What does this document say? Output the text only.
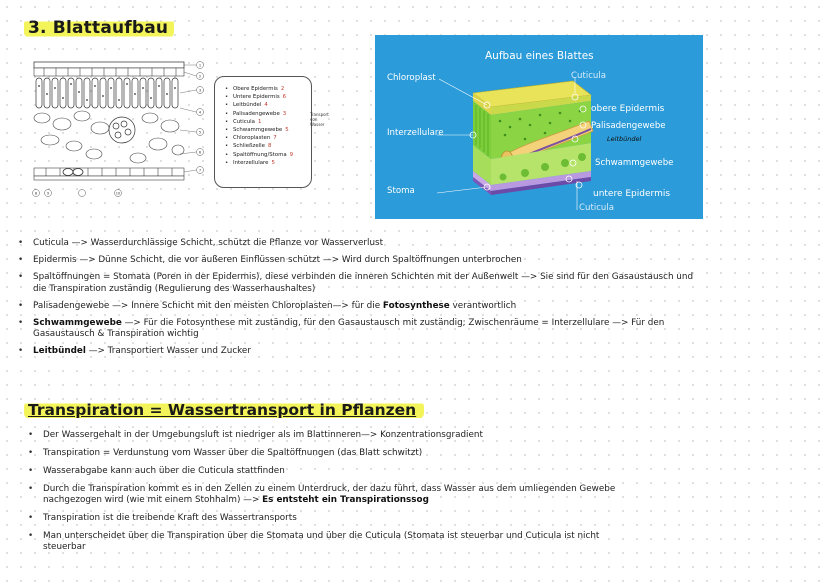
3. Blattaufbau
1
2
3
4
5
6
7
8	9	10
• Obere Epidermis 2
• Untere Epidermis 6
• Leitbündel 4
• Palisadengewebe 3
• Cuticula 1
• Schwammgewebe 5
• Chloroplasten 7
• Schließzelle 8
• Spaltöffnung/Stoma 9
• Interzellulare 5
Transport von Wasser
Aufbau eines Blattes
Chloroplast	Cuticula
obere Epidermis
Palisadengewebe
Leitbündel
Interzellulare
Schwammgewebe
Stoma	untere Epidermis
Cuticula
• Cuticula —> Wasserdurchlässige Schicht, schützt die Pflanze vor Wasserverlust
• Epidermis —> Dünne Schicht, die vor äußeren Einflüssen schützt —> Wird durch Spaltöffnungen unterbrochen
• Spaltöffnungen = Stomata (Poren in der Epidermis), diese verbinden die inneren Schichten mit der Außenwelt —> Sie sind für den Gasaustausch und die Transpiration zuständig (Regulierung des Wasserhaushaltes)
• Palisadengewebe —> Innere Schicht mit den meisten Chloroplasten—> für die Fotosynthese verantwortlich
• Schwammgewebe —> Für die Fotosynthese mit zuständig, für den Gasaustausch mit zuständig; Zwischenräume = Interzellulare —> Für den Gasaustausch & Transpiration wichtig
• Leitbündel —> Transportiert Wasser und Zucker
Transpiration = Wassertransport in Pflanzen
• Der Wassergehalt in der Umgebungsluft ist niedriger als im Blattinneren—> Konzentrationsgradient
• Transpiration = Verdunstung vom Wasser über die Spaltöffnungen (das Blatt schwitzt)
• Wasserabgabe kann auch über die Cuticula stattfinden
• Durch die Transpiration kommt es in den Zellen zu einem Unterdruck, der dazu führt, dass Wasser aus dem umliegenden Gewebe nachgezogen wird (wie mit einem Stohhalm) —> Es entsteht ein Transpirationssog
• Transpiration ist die treibende Kraft des Wassertransports
• Man unterscheidet über die Transpiration über die Stomata und über die Cuticula (Stomata ist steuerbar und Cuticula ist nicht steuerbar
